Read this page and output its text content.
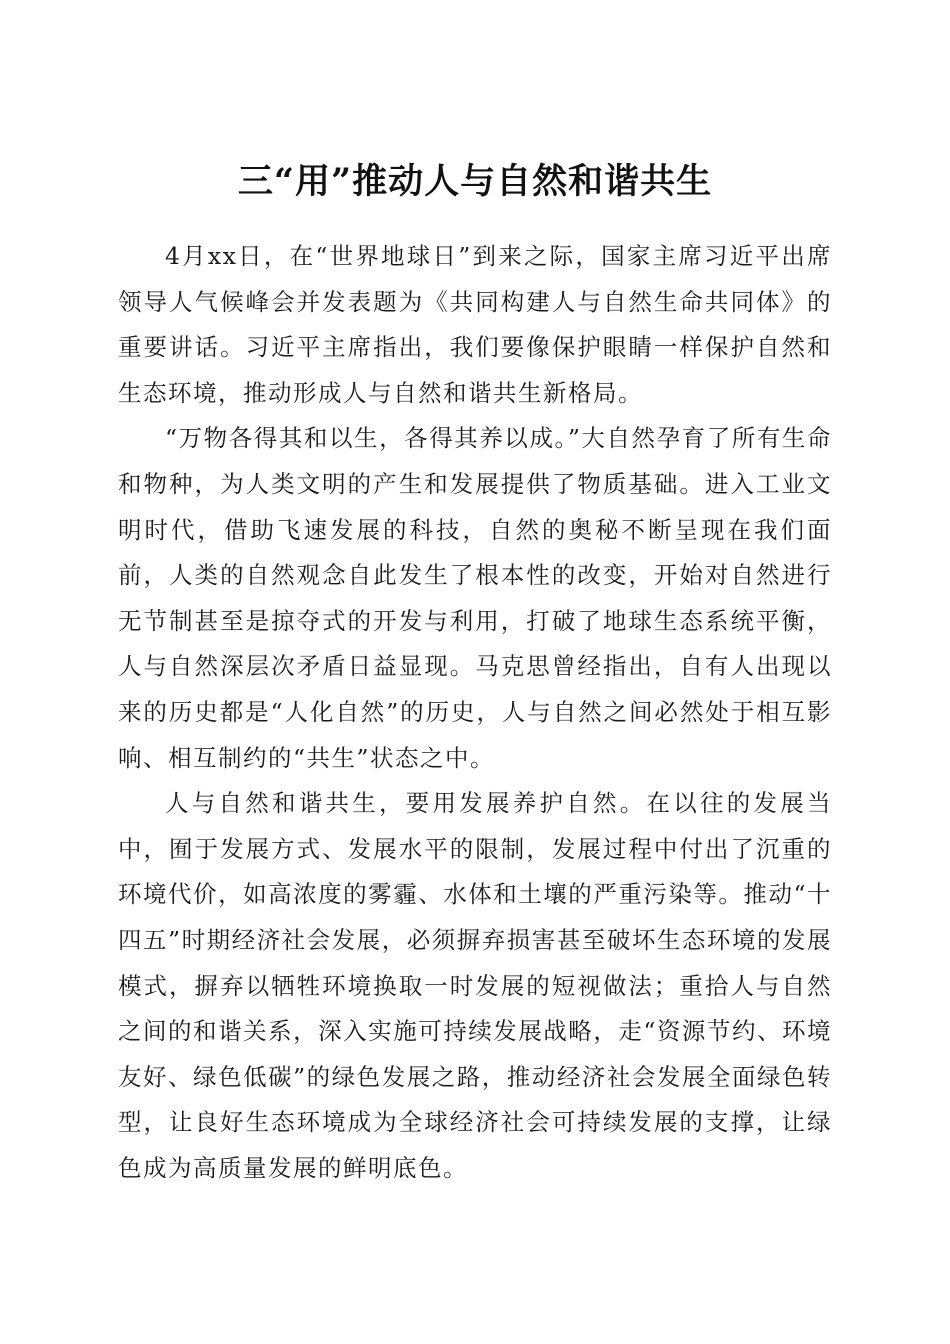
三“用”推动人与自然和谐共生

4月xx日，在“世界地球日”到来之际，国家主席习近平出席领导人气候峰会并发表题为《共同构建人与自然生命共同体》的重要讲话。习近平主席指出，我们要像保护眼睛一样保护自然和生态环境，推动形成人与自然和谐共生新格局。

“万物各得其和以生，各得其养以成。”大自然孕育了所有生命和物种，为人类文明的产生和发展提供了物质基础。进入工业文明时代，借助飞速发展的科技，自然的奥秘不断呈现在我们面前，人类的自然观念自此发生了根本性的改变，开始对自然进行无节制甚至是掠夺式的开发与利用，打破了地球生态系统平衡，人与自然深层次矛盾日益显现。马克思曾经指出，自有人出现以来的历史都是“人化自然”的历史，人与自然之间必然处于相互影响、相互制约的“共生”状态之中。

人与自然和谐共生，要用发展养护自然。在以往的发展当中，囿于发展方式、发展水平的限制，发展过程中付出了沉重的环境代价，如高浓度的雾霾、水体和土壤的严重污染等。推动“十四五”时期经济社会发展，必须摒弃损害甚至破坏生态环境的发展模式，摒弃以牺牲环境换取一时发展的短视做法；重拾人与自然之间的和谐关系，深入实施可持续发展战略，走“资源节约、环境友好、绿色低碳”的绿色发展之路，推动经济社会发展全面绿色转型，让良好生态环境成为全球经济社会可持续发展的支撑，让绿色成为高质量发展的鲜明底色。
